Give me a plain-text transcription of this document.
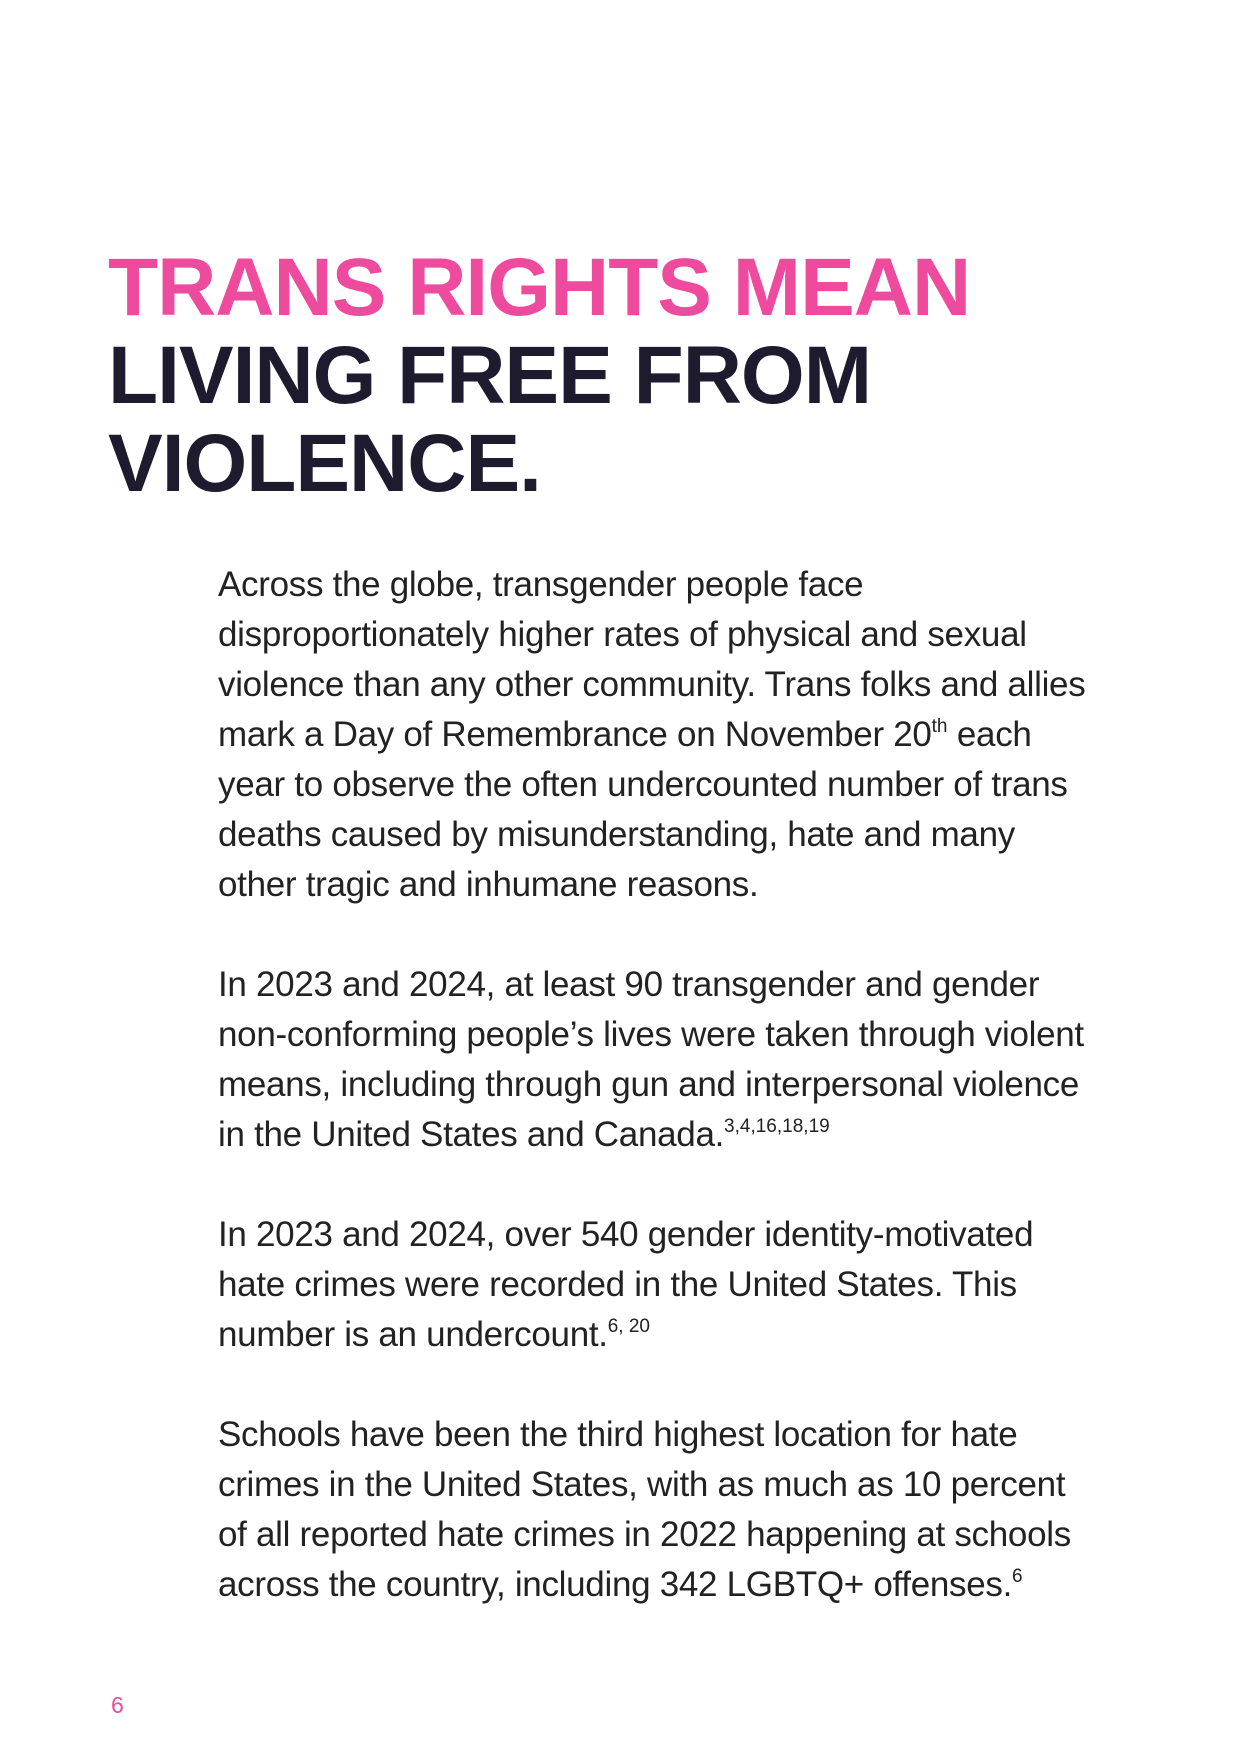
TRANS RIGHTS MEAN
LIVING FREE FROM
VIOLENCE.

Across the globe, transgender people face
disproportionately higher rates of physical and sexual
violence than any other community. Trans folks and allies
mark a Day of Remembrance on November 20th each
year to observe the often undercounted number of trans
deaths caused by misunderstanding, hate and many
other tragic and inhumane reasons.

In 2023 and 2024, at least 90 transgender and gender
non-conforming people’s lives were taken through violent
means, including through gun and interpersonal violence
in the United States and Canada.$^{3,4,16,18,19}$

In 2023 and 2024, over 540 gender identity-motivated
hate crimes were recorded in the United States. This
number is an undercount.$^{6, 20}$

Schools have been the third highest location for hate
crimes in the United States, with as much as 10 percent
of all reported hate crimes in 2022 happening at schools
across the country, including 342 LGBTQ+ offenses.$^6$

6
